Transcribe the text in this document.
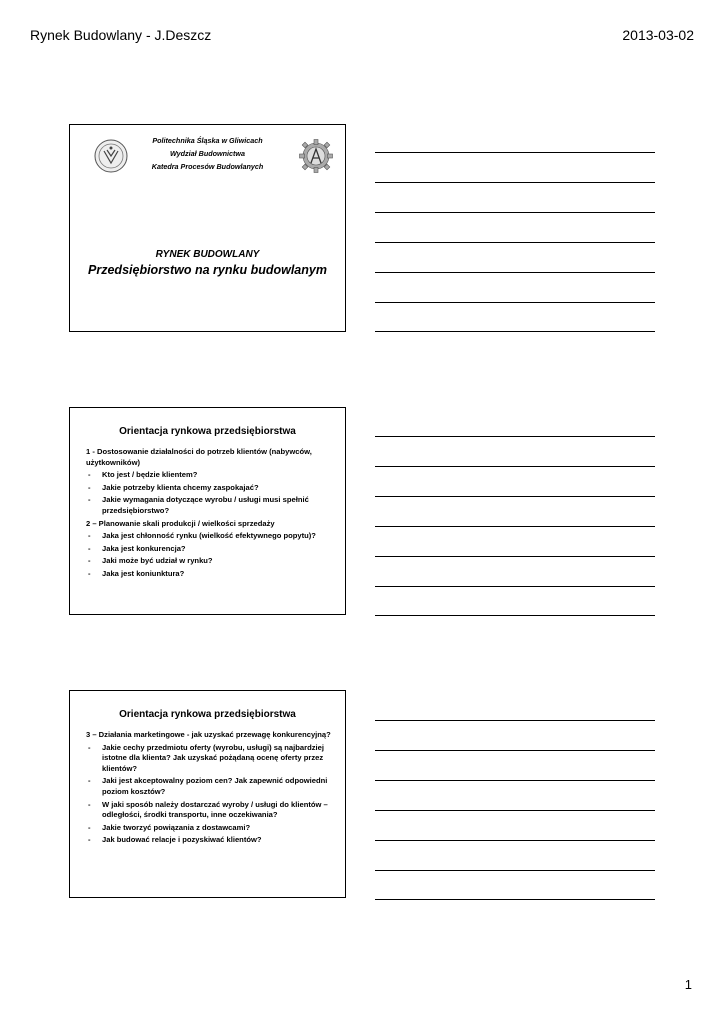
Rynek Budowlany - J.Deszcz	2013-03-02
Politechnika Śląska w Gliwicach
Wydział Budownictwa
Katedra Procesów Budowlanych
RYNEK BUDOWLANY
Przedsiębiorstwo na rynku budowlanym
Orientacja rynkowa przedsiębiorstwa
1 - Dostosowanie działalności do potrzeb klientów (nabywców, użytkowników)
- Kto jest / będzie klientem?
- Jakie potrzeby klienta chcemy zaspokajać?
- Jakie wymagania dotyczące wyrobu / usługi musi spełnić przedsiębiorstwo?
2 – Planowanie skali produkcji / wielkości sprzedaży
- Jaka jest chłonność rynku (wielkość efektywnego popytu)?
- Jaka jest konkurencja?
- Jaki może być udział w rynku?
- Jaka jest koniunktura?
Orientacja rynkowa przedsiębiorstwa
3 – Działania marketingowe - jak uzyskać przewagę konkurencyjną?
- Jakie cechy przedmiotu oferty (wyrobu, usługi) są najbardziej istotne dla klienta? Jak uzyskać pożądaną ocenę oferty przez klientów?
- Jaki jest akceptowalny poziom cen? Jak zapewnić odpowiedni poziom kosztów?
- W jaki sposób należy dostarczać wyroby / usługi do klientów – odległości, środki transportu, inne oczekiwania?
- Jakie tworzyć powiązania z dostawcami?
- Jak budować relacje i pozyskiwać klientów?
1
